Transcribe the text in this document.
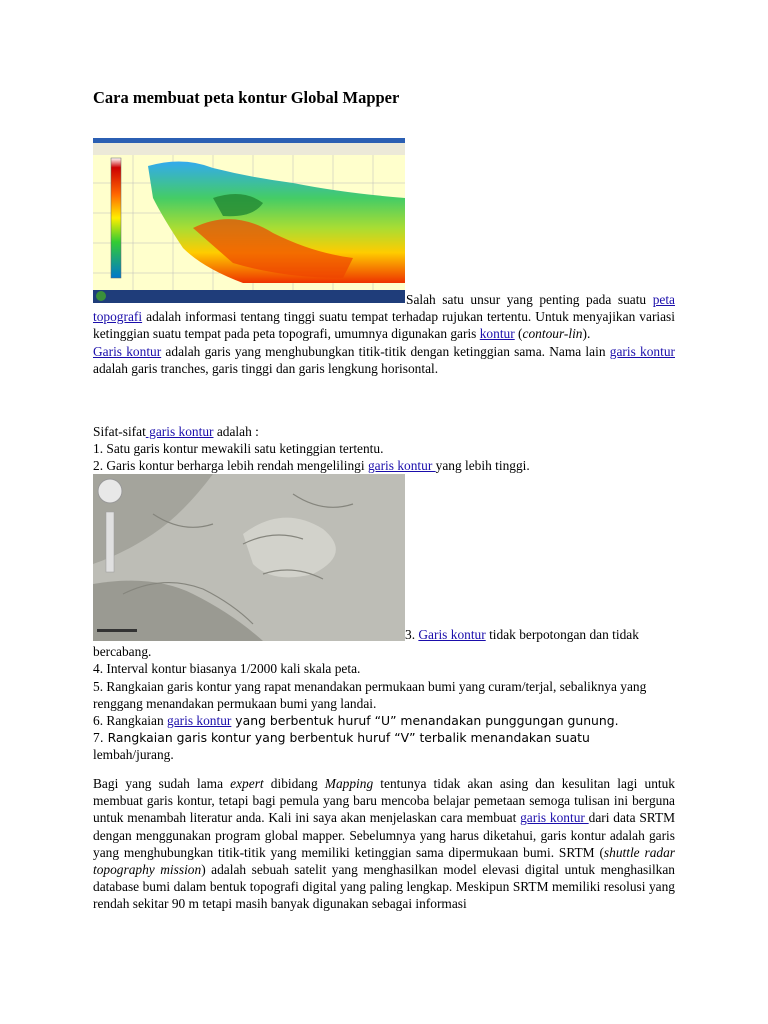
Cara membuat peta kontur Global Mapper

Salah satu unsur yang penting pada suatu peta topografi adalah informasi tentang tinggi suatu tempat terhadap rujukan tertentu. Untuk menyajikan variasi ketinggian suatu tempat pada peta topografi, umumnya digunakan garis kontur (contour-lin).
Garis kontur adalah garis yang menghubungkan titik-titik dengan ketinggian sama. Nama lain garis kontur adalah garis tranches, garis tinggi dan garis lengkung horisontal.

Sifat-sifat garis kontur adalah :
1. Satu garis kontur mewakili satu ketinggian tertentu.
2. Garis kontur berharga lebih rendah mengelilingi garis kontur yang lebih tinggi.

3. Garis kontur tidak berpotongan dan tidak bercabang.
4. Interval kontur biasanya 1/2000 kali skala peta.
5. Rangkaian garis kontur yang rapat menandakan permukaan bumi yang curam/terjal, sebaliknya yang renggang menandakan permukaan bumi yang landai.
6. Rangkaian garis kontur yang berbentuk huruf “U” menandakan punggungan gunung.
7. Rangkaian garis kontur yang berbentuk huruf “V” terbalik menandakan suatu
lembah/jurang.

Bagi yang sudah lama expert dibidang Mapping tentunya tidak akan asing dan kesulitan lagi untuk membuat garis kontur, tetapi bagi pemula yang baru mencoba belajar pemetaan semoga tulisan ini berguna untuk menambah literatur anda. Kali ini saya akan menjelaskan cara membuat garis kontur dari data SRTM dengan menggunakan program global mapper. Sebelumnya yang harus diketahui, garis kontur adalah garis yang menghubungkan titik-titik yang memiliki ketinggian sama dipermukaan bumi. SRTM (shuttle radar topography mission) adalah sebuah satelit yang menghasilkan model elevasi digital untuk menghasilkan database bumi dalam bentuk topografi digital yang paling lengkap. Meskipun SRTM memiliki resolusi yang rendah sekitar 90 m tetapi masih banyak digunakan sebagai informasi
